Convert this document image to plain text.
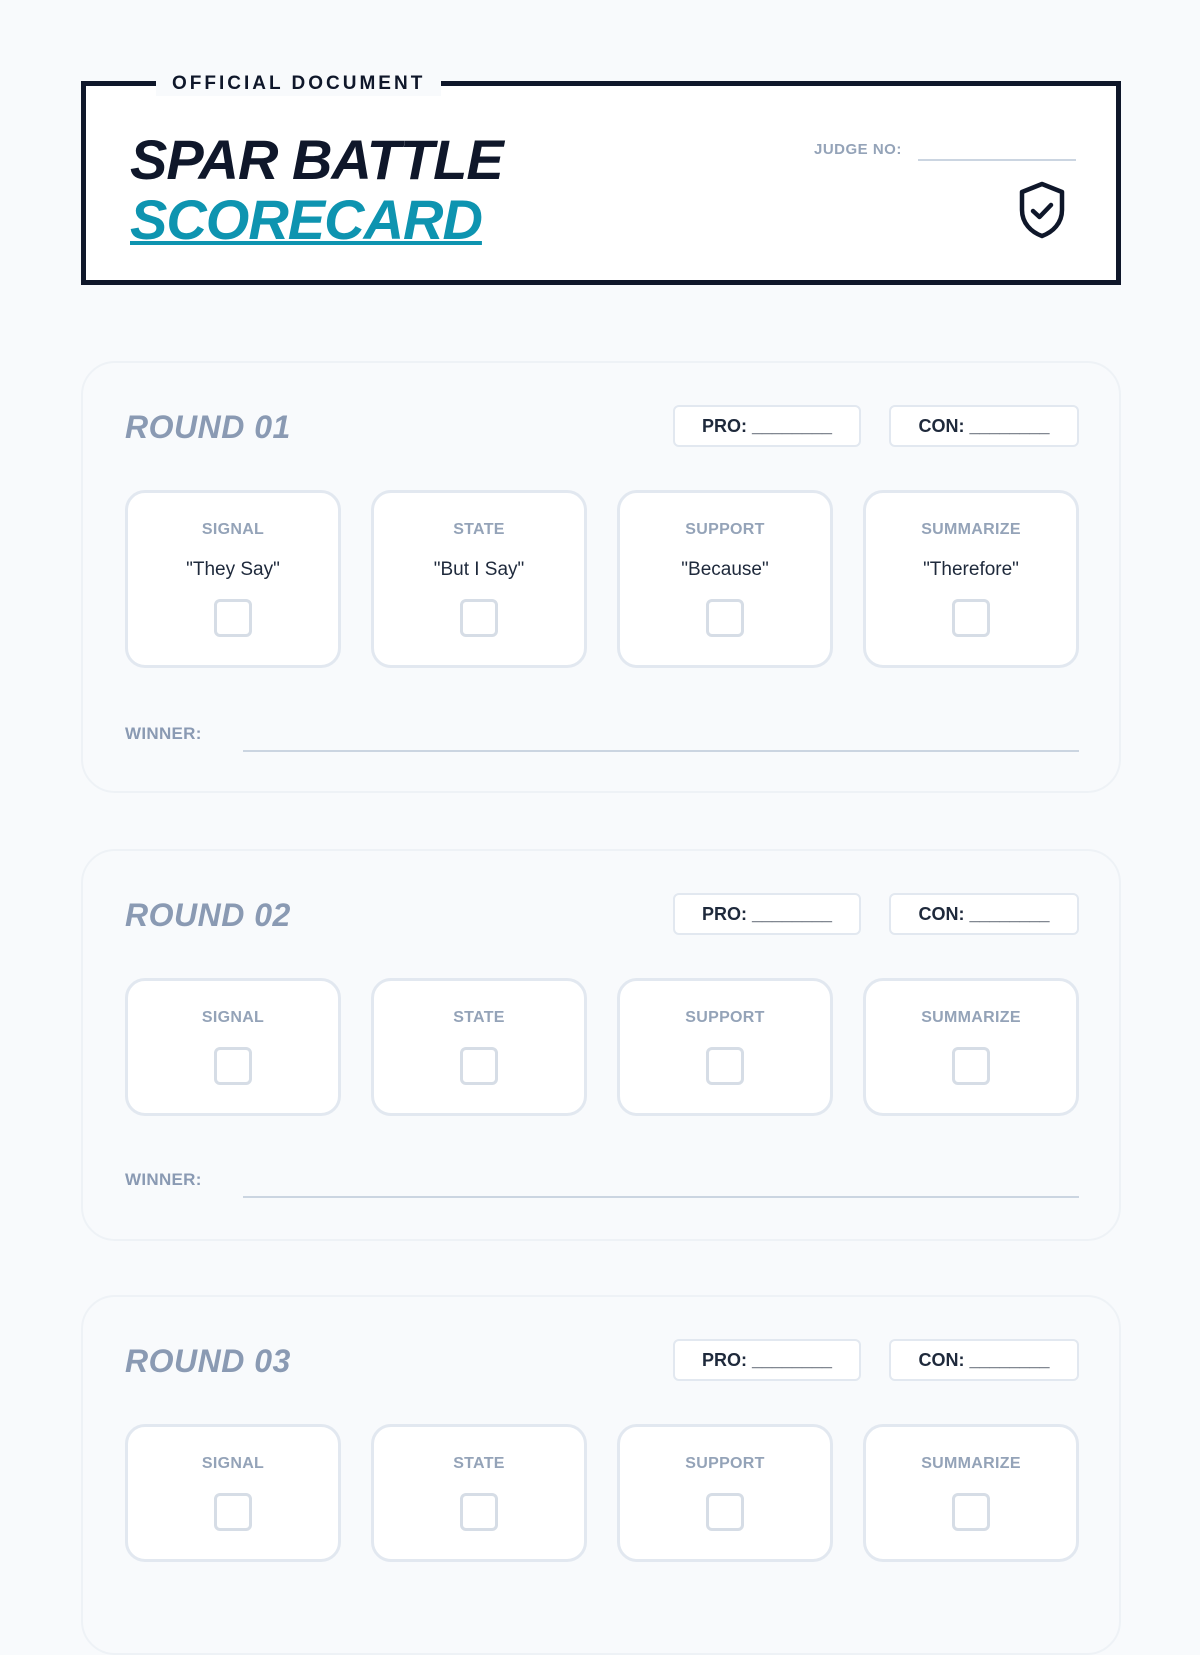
OFFICIAL DOCUMENT
SPAR BATTLE
SCORECARD
JUDGE NO:
ROUND 01	PRO: ________	CON: ________
SIGNAL
"They Say"
STATE
"But I Say"
SUPPORT
"Because"
SUMMARIZE
"Therefore"
WINNER:
ROUND 02	PRO: ________	CON: ________
SIGNAL	STATE	SUPPORT	SUMMARIZE
WINNER:
ROUND 03	PRO: ________	CON: ________
SIGNAL	STATE	SUPPORT	SUMMARIZE
